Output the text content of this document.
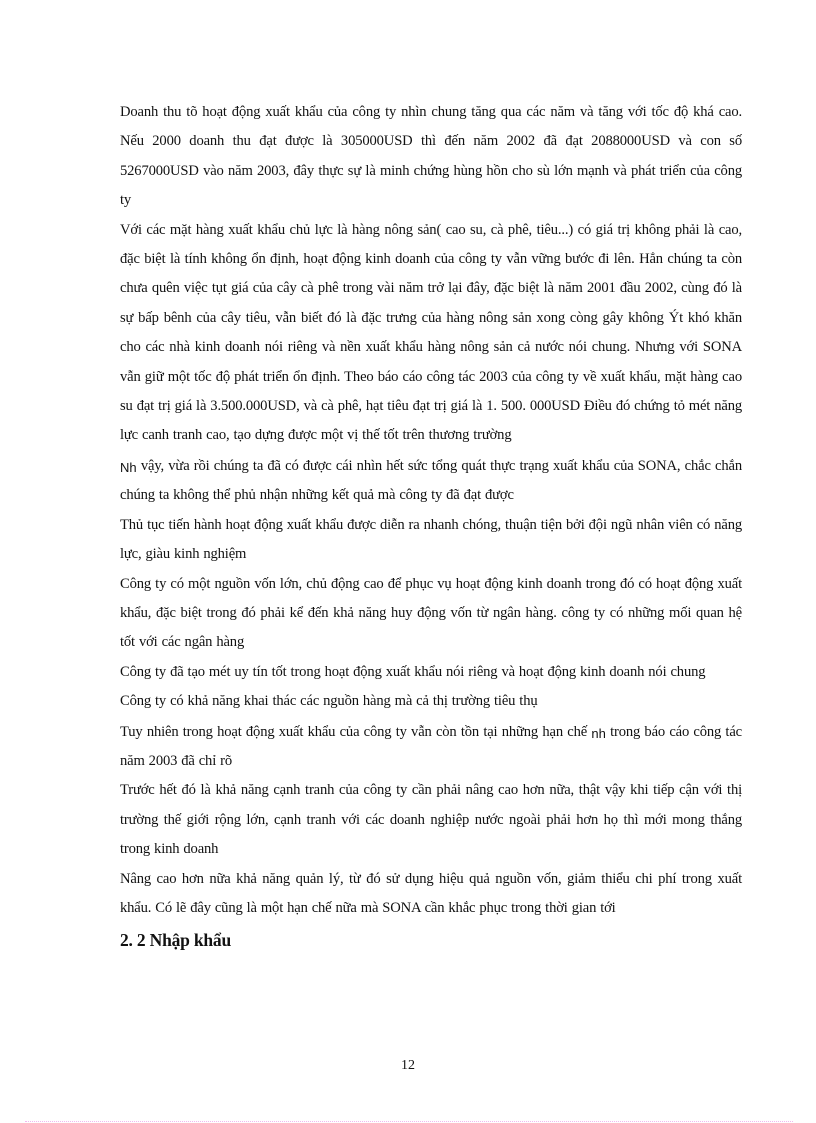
Doanh thu tõ hoạt động xuất khẩu của công ty nhìn chung tăng qua các năm và tăng với tốc độ khá cao. Nếu 2000 doanh thu đạt được là 305000USD thì đến năm 2002 đã đạt 2088000USD và con số 5267000USD vào năm 2003, đây thực sự là minh chứng hùng hồn cho sù lớn mạnh và phát triển của công ty

Với các mặt hàng xuất khẩu chủ lực là hàng nông sản( cao su, cà phê, tiêu...) có giá trị không phải là cao, đặc biệt là tính không ổn định, hoạt động kinh doanh của công ty vẫn vững bước đi lên. Hẳn chúng ta còn chưa quên việc tụt giá của cây cà phê trong vài năm trở lại đây, đặc biệt là năm 2001 đầu 2002, cùng đó là sự bấp bênh của cây tiêu, vẫn biết đó là đặc trưng của hàng nông sản xong còng gây không Ýt khó khăn cho các nhà kinh doanh nói riêng và nền xuất khẩu hàng nông sản cả nước nói chung. Nhưng với SONA vẫn giữ một tốc độ phát triển ổn định. Theo báo cáo công tác 2003 của công ty về xuất khẩu, mặt hàng cao su đạt trị giá là 3.500.000USD, và cà phê, hạt tiêu đạt trị giá là 1. 500. 000USD Điều đó chứng tỏ mét năng lực canh tranh cao, tạo dựng được một vị thế tốt trên thương trường

Nh vậy, vừa rồi chúng ta đã có được cái nhìn hết sức tổng quát thực trạng xuất khẩu của SONA, chắc chắn chúng ta không thể phủ nhận những kết quả mà công ty đã đạt được

Thủ tục tiến hành hoạt động xuất khẩu được diễn ra nhanh chóng, thuận tiện bởi đội ngũ nhân viên có năng lực, giàu kinh nghiệm

Công ty có một nguồn vốn lớn, chủ động cao để phục vụ hoạt động kinh doanh trong đó có hoạt động xuất khẩu, đặc biệt trong đó phải kể đến khả năng huy động vốn từ ngân hàng. công ty có những mối quan hệ tốt với các ngân hàng

Công ty đã tạo mét uy tín tốt trong hoạt động xuất khẩu nói riêng và hoạt động kinh doanh nói chung

Công ty có khả năng khai thác các nguồn hàng mà cả thị trường tiêu thụ

Tuy nhiên trong hoạt động xuất khẩu của công ty vẫn còn tồn tại những hạn chế nh trong báo cáo công tác năm 2003 đã chỉ rõ

Trước hết đó là khả năng cạnh tranh của công ty cần phải nâng cao hơn nữa, thật vậy khi tiếp cận với thị trường thế giới rộng lớn, cạnh tranh với các doanh nghiệp nước ngoài phải hơn họ thì mới mong thắng trong kinh doanh

Nâng cao hơn nữa khả năng quản lý, từ đó sử dụng hiệu quả nguồn vốn, giảm thiểu chi phí trong xuất khẩu. Có lẽ đây cũng là một hạn chế nữa mà SONA cần khắc phục trong thời gian tới

2. 2 Nhập khẩu
12
